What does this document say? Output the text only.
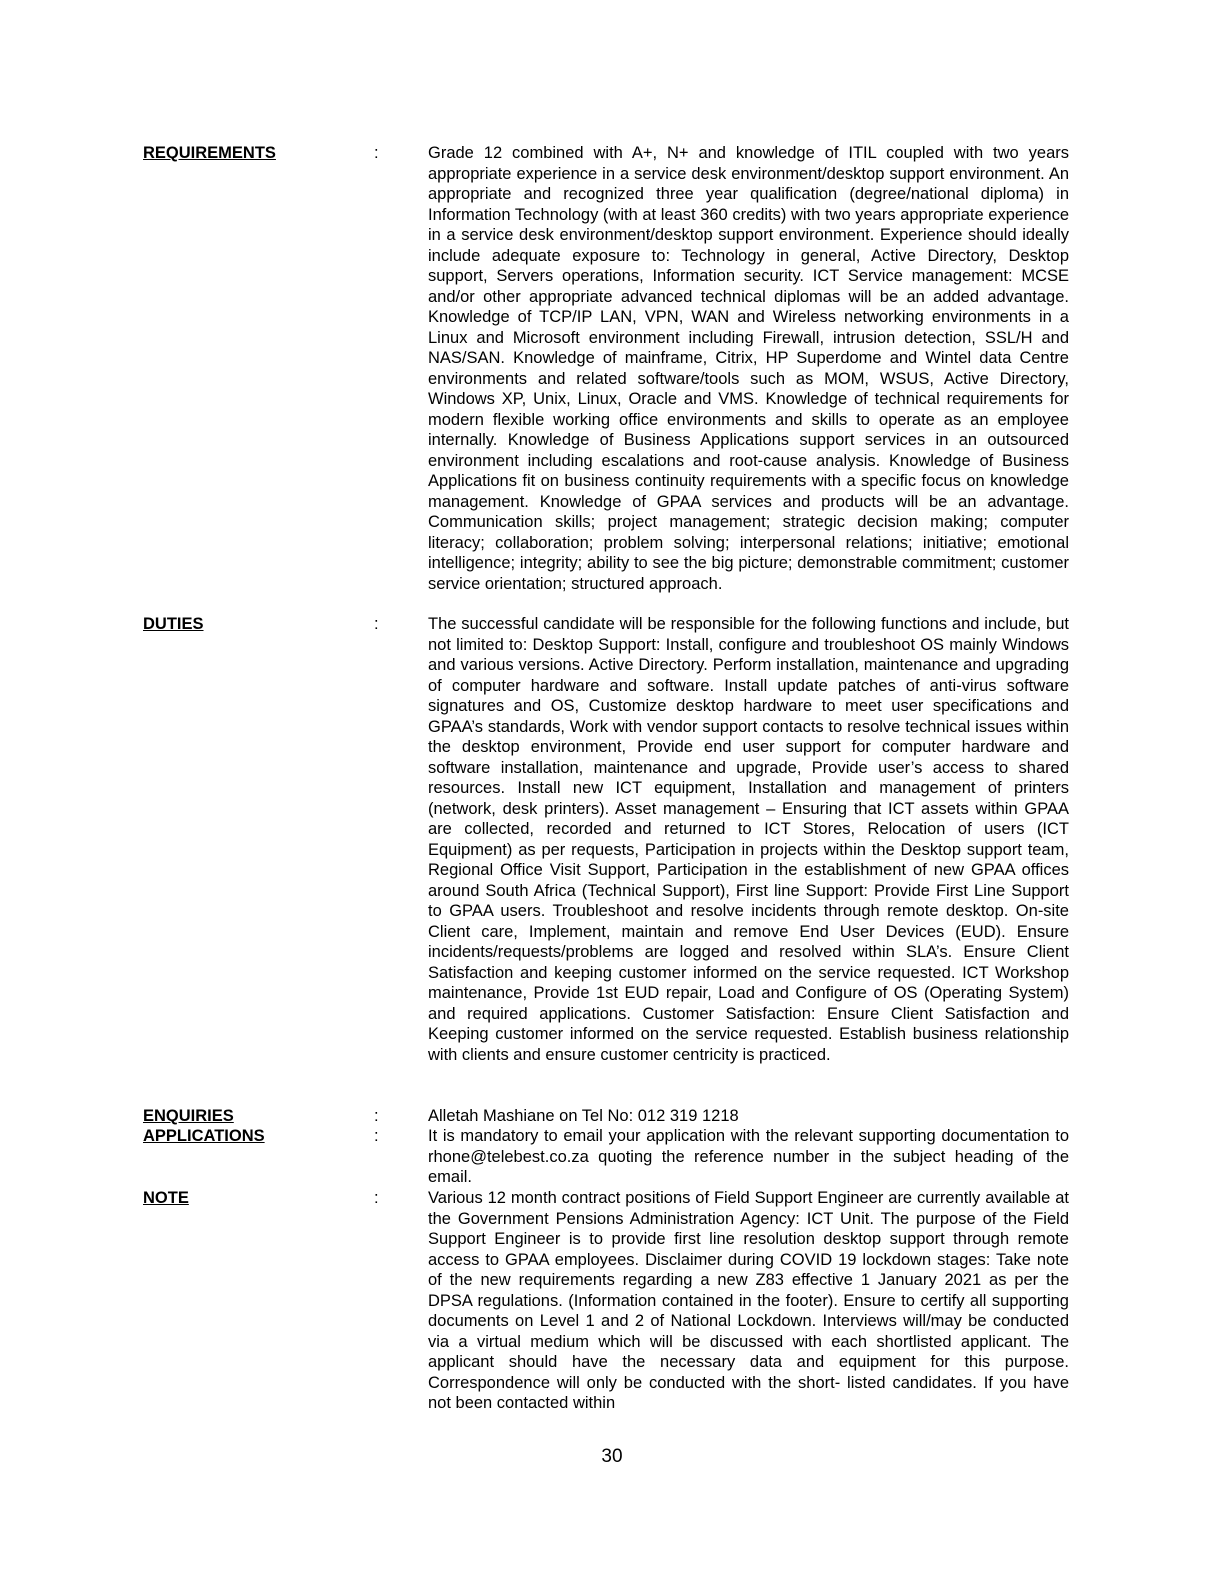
REQUIREMENTS	:	Grade 12 combined with A+, N+ and knowledge of ITIL coupled with two years appropriate experience in a service desk environment/desktop support environment. An appropriate and recognized three year qualification (degree/national diploma) in Information Technology (with at least 360 credits) with two years appropriate experience in a service desk environment/desktop support environment. Experience should ideally include adequate exposure to: Technology in general, Active Directory, Desktop support, Servers operations, Information security. ICT Service management: MCSE and/or other appropriate advanced technical diplomas will be an added advantage. Knowledge of TCP/IP LAN, VPN, WAN and Wireless networking environments in a Linux and Microsoft environment including Firewall, intrusion detection, SSL/H and NAS/SAN. Knowledge of mainframe, Citrix, HP Superdome and Wintel data Centre environments and related software/tools such as MOM, WSUS, Active Directory, Windows XP, Unix, Linux, Oracle and VMS. Knowledge of technical requirements for modern flexible working office environments and skills to operate as an employee internally. Knowledge of Business Applications support services in an outsourced environment including escalations and root-cause analysis. Knowledge of Business Applications fit on business continuity requirements with a specific focus on knowledge management. Knowledge of GPAA services and products will be an advantage. Communication skills; project management; strategic decision making; computer literacy; collaboration; problem solving; interpersonal relations; initiative; emotional intelligence; integrity; ability to see the big picture; demonstrable commitment; customer service orientation; structured approach.

DUTIES	:	The successful candidate will be responsible for the following functions and include, but not limited to: Desktop Support: Install, configure and troubleshoot OS mainly Windows and various versions. Active Directory. Perform installation, maintenance and upgrading of computer hardware and software. Install update patches of anti-virus software signatures and OS, Customize desktop hardware to meet user specifications and GPAA’s standards, Work with vendor support contacts to resolve technical issues within the desktop environment, Provide end user support for computer hardware and software installation, maintenance and upgrade, Provide user’s access to shared resources. Install new ICT equipment, Installation and management of printers (network, desk printers). Asset management – Ensuring that ICT assets within GPAA are collected, recorded and returned to ICT Stores, Relocation of users (ICT Equipment) as per requests, Participation in projects within the Desktop support team, Regional Office Visit Support, Participation in the establishment of new GPAA offices around South Africa (Technical Support), First line Support: Provide First Line Support to GPAA users. Troubleshoot and resolve incidents through remote desktop. On-site Client care, Implement, maintain and remove End User Devices (EUD). Ensure incidents/requests/problems are logged and resolved within SLA’s. Ensure Client Satisfaction and keeping customer informed on the service requested. ICT Workshop maintenance, Provide 1st EUD repair, Load and Configure of OS (Operating System) and required applications. Customer Satisfaction: Ensure Client Satisfaction and Keeping customer informed on the service requested. Establish business relationship with clients and ensure customer centricity is practiced.

ENQUIRIES	:	Alletah Mashiane on Tel No: 012 319 1218

APPLICATIONS	:	It is mandatory to email your application with the relevant supporting documentation to rhone@telebest.co.za quoting the reference number in the subject heading of the email.

NOTE	:	Various 12 month contract positions of Field Support Engineer are currently available at the Government Pensions Administration Agency: ICT Unit. The purpose of the Field Support Engineer is to provide first line resolution desktop support through remote access to GPAA employees. Disclaimer during COVID 19 lockdown stages: Take note of the new requirements regarding a new Z83 effective 1 January 2021 as per the DPSA regulations. (Information contained in the footer). Ensure to certify all supporting documents on Level 1 and 2 of National Lockdown. Interviews will/may be conducted via a virtual medium which will be discussed with each shortlisted applicant. The applicant should have the necessary data and equipment for this purpose. Correspondence will only be conducted with the short- listed candidates. If you have not been contacted within

30
